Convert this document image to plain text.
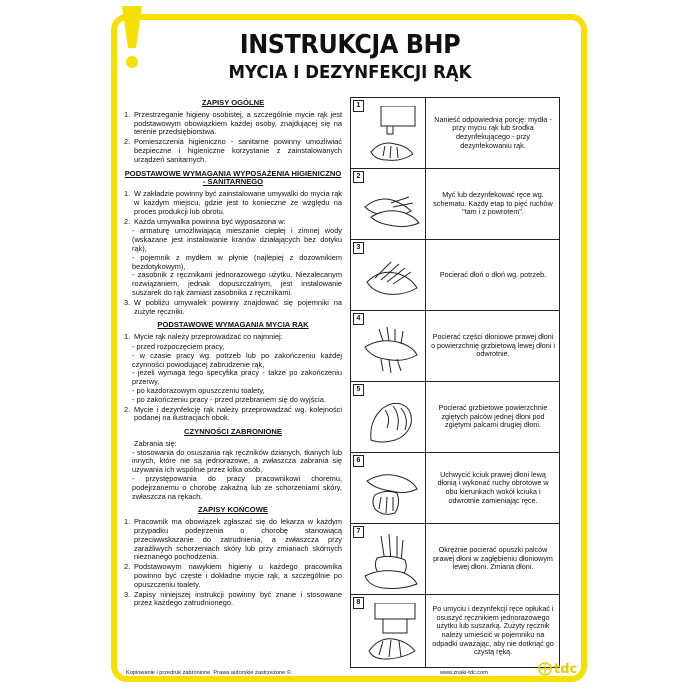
INSTRUKCJA BHP
MYCIA I DEZYNFEKCJI RĄK
ZAPISY OGÓLNE
1. Przestrzeganie higieny osobistej, a szczególnie mycie rąk jest podstawowym obowiązkiem każdej osoby, znajdującej się na terenie przedsiębiorstwa.
2. Pomieszczenia higieniczno - sanitarne powinny umożliwiać bezpieczne i higieniczne korzystanie z zainstalowanych urządzeń sanitarnych.
PODSTAWOWE WYMAGANIA WYPOSAŻENIA HIGIENICZNO - SANITARNEGO
1. W zakładzie powinny być zainstalowane umywalki do mycia rąk w każdym miejscu, gdzie jest to konieczne ze względu na proces produkcji lub obrotu.
2. Każda umywalka powinna być wyposażona w:
- armaturę umożliwiającą mieszanie ciepłej i zimnej wody (wskazane jest instalowanie kranów działających bez dotyku rąk),
- pojemnik z mydłem w płynie (najlepiej z dozownikiem bezdotykowym),
- zasobnik z ręcznikami jednorazowego użytku. Niezalecanym rozwiązaniem, jednak dopuszczalnym, jest instalowanie suszarek do rąk zamiast zasobnika z ręcznikami.
3. W pobliżu umywalek powinny znajdować się pojemniki na zużyte ręczniki.
PODSTAWOWE WYMAGANIA MYCIA RĄK
1. Mycie rąk należy przeprowadzać co najmniej:
- przed rozpoczęciem pracy,
- w czasie pracy wg. potrzeb lub po zakończeniu każdej czynności powodującej zabrudzenie rąk,
- jeżeli wymaga tego specyfika pracy - także po zakończeniu przerwy,
- po każdorazowym opuszczeniu toalety,
- po zakończeniu pracy - przed przebraniem się do wyjścia.
2. Mycie i dezynfekcję rąk należy przeprowadzać wg. kolejności podanej na ilustracjach obok.
CZYNNOŚCI ZABRONIONE
Zabrania się:
- stosowania do osuszania rąk ręczników dzianych, tkanych lub innych, które nie są jednorazowe, a zwłaszcza zabrania się używania ich wspólnie przez kilka osób,
- przystępowania do pracy pracownikowi choremu, podejrzanemu o chorobę zakaźną lub ze schorzeniami skóry, zwłaszcza na rękach.
ZAPISY KOŃCOWE
1. Pracownik ma obowiązek zgłaszać się do lekarza w każdym przypadku podejrzenia o chorobę stanowiącą przeciwwskazanie do zatrudnienia, a zwłaszcza przy zaraźliwych schorzeniach skóry lub przy zmianach skórnych nieznanego pochodzenia.
2. Podstawowym nawykiem higieny u każdego pracownika powinno być częste i dokładne mycie rąk, a szczególnie po opuszczeniu toalety.
3. Zapisy niniejszej instrukcji powinny być znane i stosowane przez każdego zatrudnionego.
1
Nanieść odpowiednią porcję: mydła - przy myciu rąk lub środka dezynfekującego - przy dezynfekowaniu rąk.
2
Myć lub dezynfekować ręce wg. schematu. Każdy etap to pięć ruchów "tam i z powrotem".
3
Pocierać dłoń o dłoń wg. potrzeb.
4
Pocierać części dłoniowe prawej dłoni o powierzchnię grzbietową lewej dłoni i odwrotnie.
5
Pocierać grzbietowe powierzchnie zgiętych palców jednej dłoni pod zgiętymi palcami drugiej dłoni.
6
Uchwycić kciuk prawej dłoni lewą dłonią i wykonać ruchy obrotowe w obu kierunkach wokół kciuka i odwrotnie zamieniając ręce.
7
Okrężnie pocierać opuszki palców prawej dłoni w zagłębieniu dłoniowym lewej dłoni. Zmiana dłoni.
8
Po umyciu i dezynfekcji ręce opłukać i osuszyć ręcznikiem jednorazowego użytku lub suszarką. Zużyty ręcznik należy umieścić w pojemniku na odpadki uważając, aby nie dotknąć go czystą ręką.
Kopiowanie i przedruk zabronione. Prawa autorskie zastrzeżone ©.	www.znaki-tdc.com	tdc
